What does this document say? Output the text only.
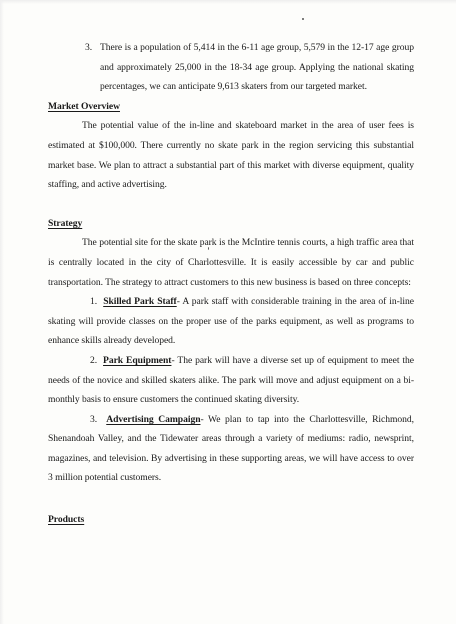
3. There is a population of 5,414 in the 6-11 age group, 5,579 in the 12-17 age group and approximately 25,000 in the 18-34 age group. Applying the national skating percentages, we can anticipate 9,613 skaters from our targeted market.

Market Overview

The potential value of the in-line and skateboard market in the area of user fees is estimated at $100,000. There currently no skate park in the region servicing this substantial market base. We plan to attract a substantial part of this market with diverse equipment, quality staffing, and active advertising.

Strategy

The potential site for the skate park is the McIntire tennis courts, a high traffic area that is centrally located in the city of Charlottesville. It is easily accessible by car and public transportation. The strategy to attract customers to this new business is based on three concepts:

1. Skilled Park Staff- A park staff with considerable training in the area of in-line skating will provide classes on the proper use of the parks equipment, as well as programs to enhance skills already developed.

2. Park Equipment- The park will have a diverse set up of equipment to meet the needs of the novice and skilled skaters alike. The park will move and adjust equipment on a bi-monthly basis to ensure customers the continued skating diversity.

3. Advertising Campaign- We plan to tap into the Charlottesville, Richmond, Shenandoah Valley, and the Tidewater areas through a variety of mediums: radio, newsprint, magazines, and television. By advertising in these supporting areas, we will have access to over 3 million potential customers.

Products
